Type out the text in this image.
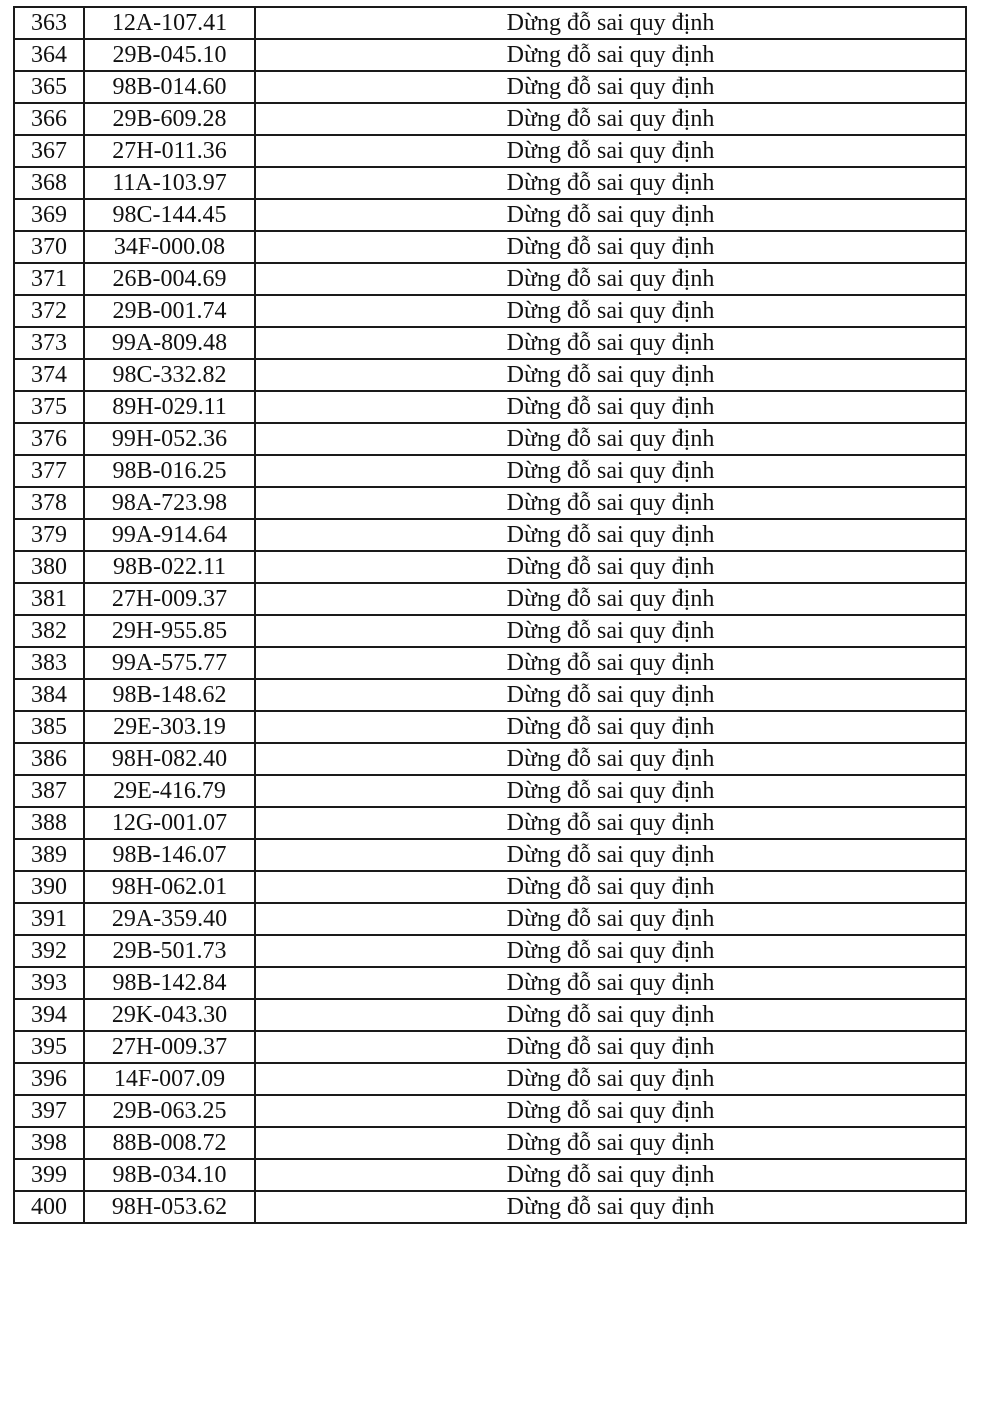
363	12A-107.41	Dừng đỗ sai quy định
364	29B-045.10	Dừng đỗ sai quy định
365	98B-014.60	Dừng đỗ sai quy định
366	29B-609.28	Dừng đỗ sai quy định
367	27H-011.36	Dừng đỗ sai quy định
368	11A-103.97	Dừng đỗ sai quy định
369	98C-144.45	Dừng đỗ sai quy định
370	34F-000.08	Dừng đỗ sai quy định
371	26B-004.69	Dừng đỗ sai quy định
372	29B-001.74	Dừng đỗ sai quy định
373	99A-809.48	Dừng đỗ sai quy định
374	98C-332.82	Dừng đỗ sai quy định
375	89H-029.11	Dừng đỗ sai quy định
376	99H-052.36	Dừng đỗ sai quy định
377	98B-016.25	Dừng đỗ sai quy định
378	98A-723.98	Dừng đỗ sai quy định
379	99A-914.64	Dừng đỗ sai quy định
380	98B-022.11	Dừng đỗ sai quy định
381	27H-009.37	Dừng đỗ sai quy định
382	29H-955.85	Dừng đỗ sai quy định
383	99A-575.77	Dừng đỗ sai quy định
384	98B-148.62	Dừng đỗ sai quy định
385	29E-303.19	Dừng đỗ sai quy định
386	98H-082.40	Dừng đỗ sai quy định
387	29E-416.79	Dừng đỗ sai quy định
388	12G-001.07	Dừng đỗ sai quy định
389	98B-146.07	Dừng đỗ sai quy định
390	98H-062.01	Dừng đỗ sai quy định
391	29A-359.40	Dừng đỗ sai quy định
392	29B-501.73	Dừng đỗ sai quy định
393	98B-142.84	Dừng đỗ sai quy định
394	29K-043.30	Dừng đỗ sai quy định
395	27H-009.37	Dừng đỗ sai quy định
396	14F-007.09	Dừng đỗ sai quy định
397	29B-063.25	Dừng đỗ sai quy định
398	88B-008.72	Dừng đỗ sai quy định
399	98B-034.10	Dừng đỗ sai quy định
400	98H-053.62	Dừng đỗ sai quy định
